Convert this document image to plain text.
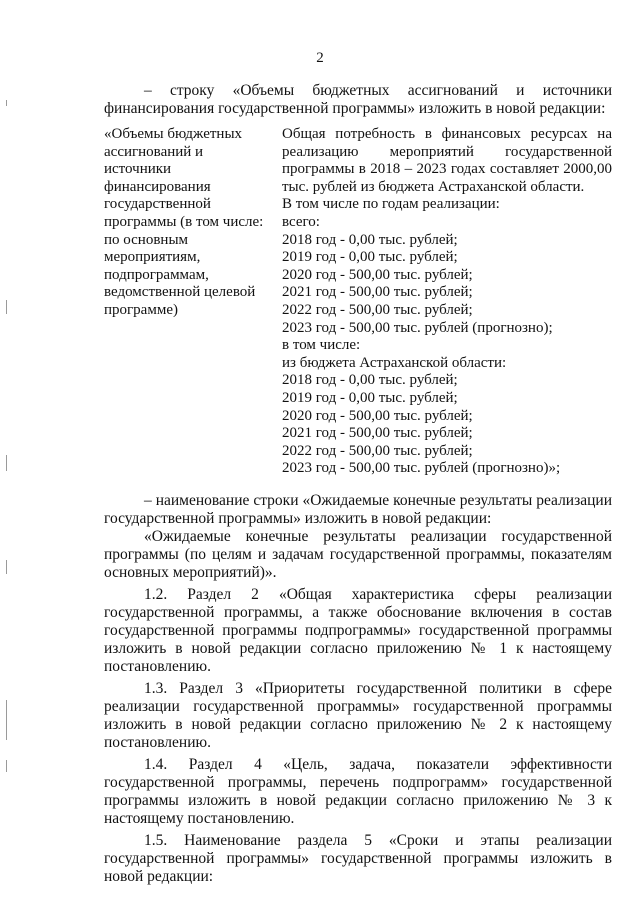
2
– строку «Объемы бюджетных ассигнований и источники финансирования государственной программы» изложить в новой редакции:
«Объемы бюджетных
ассигнований и
источники
финансирования
государственной
программы (в том числе:
по основным
мероприятиям,
подпрограммам,
ведомственной целевой
программе)
Общая потребность в финансовых ресурсах на реализацию мероприятий государственной программы в 2018 – 2023 годах составляет 2000,00 тыс. рублей из бюджета Астраханской области.
В том числе по годам реализации:
всего:
2018 год - 0,00 тыс. рублей;
2019 год - 0,00 тыс. рублей;
2020 год - 500,00 тыс. рублей;
2021 год - 500,00 тыс. рублей;
2022 год - 500,00 тыс. рублей;
2023 год - 500,00 тыс. рублей (прогнозно);
в том числе:
из бюджета Астраханской области:
2018 год - 0,00 тыс. рублей;
2019 год - 0,00 тыс. рублей;
2020 год - 500,00 тыс. рублей;
2021 год - 500,00 тыс. рублей;
2022 год - 500,00 тыс. рублей;
2023 год - 500,00 тыс. рублей (прогнозно)»;

– наименование строки «Ожидаемые конечные результаты реализации государственной программы» изложить в новой редакции:

«Ожидаемые конечные результаты реализации государственной программы (по целям и задачам государственной программы, показателям основных мероприятий)».

1.2. Раздел 2 «Общая характеристика сферы реализации государственной программы, а также обоснование включения в состав государственной программы подпрограммы» государственной программы изложить в новой редакции согласно приложению № 1 к настоящему постановлению.

1.3. Раздел 3 «Приоритеты государственной политики в сфере реализации государственной программы» государственной программы изложить в новой редакции согласно приложению № 2 к настоящему постановлению.

1.4. Раздел 4 «Цель, задача, показатели эффективности государственной программы, перечень подпрограмм» государственной программы изложить в новой редакции согласно приложению № 3 к настоящему постановлению.

1.5. Наименование раздела 5 «Сроки и этапы реализации государственной программы» государственной программы изложить в новой редакции:
